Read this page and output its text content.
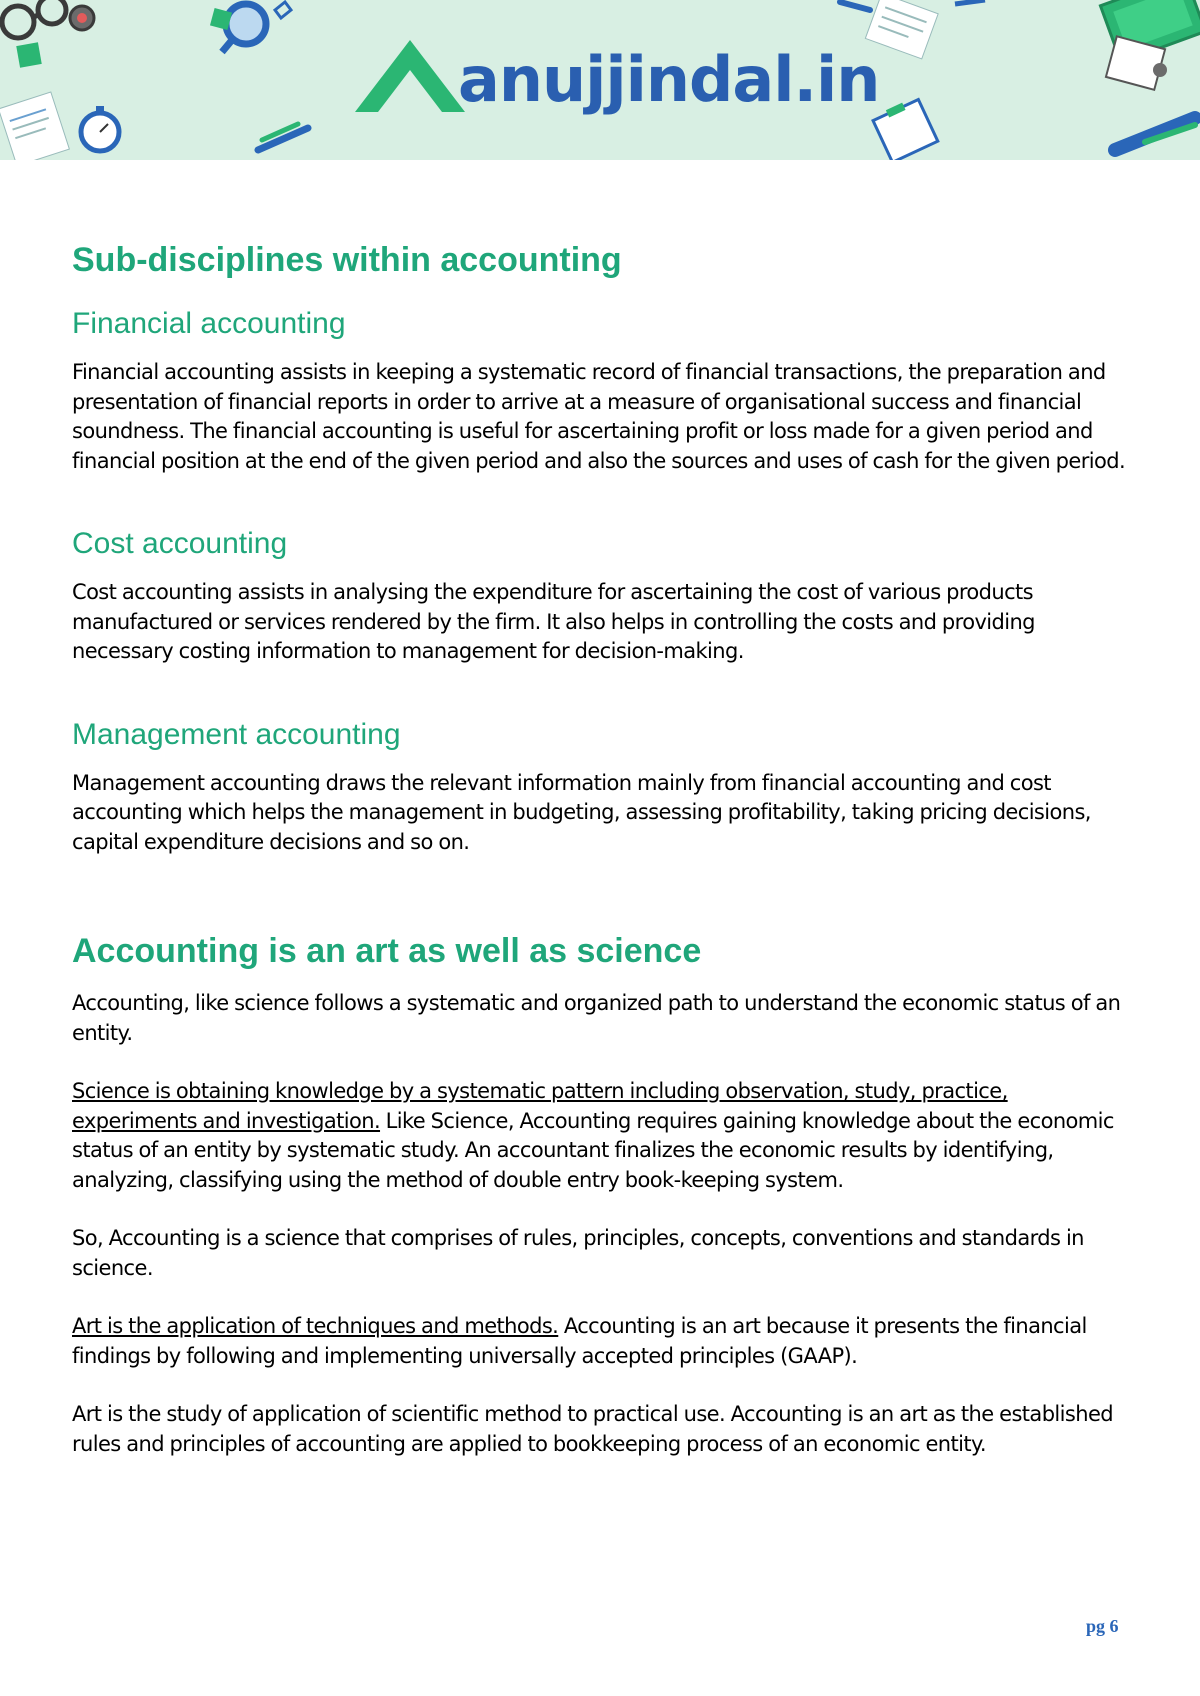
anujjindal.in
Sub-disciplines within accounting
Financial accounting

Financial accounting assists in keeping a systematic record of financial transactions, the preparation and presentation of financial reports in order to arrive at a measure of organisational success and financial soundness. The financial accounting is useful for ascertaining profit or loss made for a given period and financial position at the end of the given period and also the sources and uses of cash for the given period.

Cost accounting

Cost accounting assists in analysing the expenditure for ascertaining the cost of various products manufactured or services rendered by the firm. It also helps in controlling the costs and providing necessary costing information to management for decision-making.

Management accounting

Management accounting draws the relevant information mainly from financial accounting and cost accounting which helps the management in budgeting, assessing profitability, taking pricing decisions, capital expenditure decisions and so on.

Accounting is an art as well as science

Accounting, like science follows a systematic and organized path to understand the economic status of an entity.

Science is obtaining knowledge by a systematic pattern including observation, study, practice, experiments and investigation. Like Science, Accounting requires gaining knowledge about the economic status of an entity by systematic study. An accountant finalizes the economic results by identifying, analyzing, classifying using the method of double entry book-keeping system.

So, Accounting is a science that comprises of rules, principles, concepts, conventions and standards in science.

Art is the application of techniques and methods. Accounting is an art because it presents the financial findings by following and implementing universally accepted principles (GAAP).

Art is the study of application of scientific method to practical use. Accounting is an art as the established rules and principles of accounting are applied to bookkeeping process of an economic entity.

pg 6
